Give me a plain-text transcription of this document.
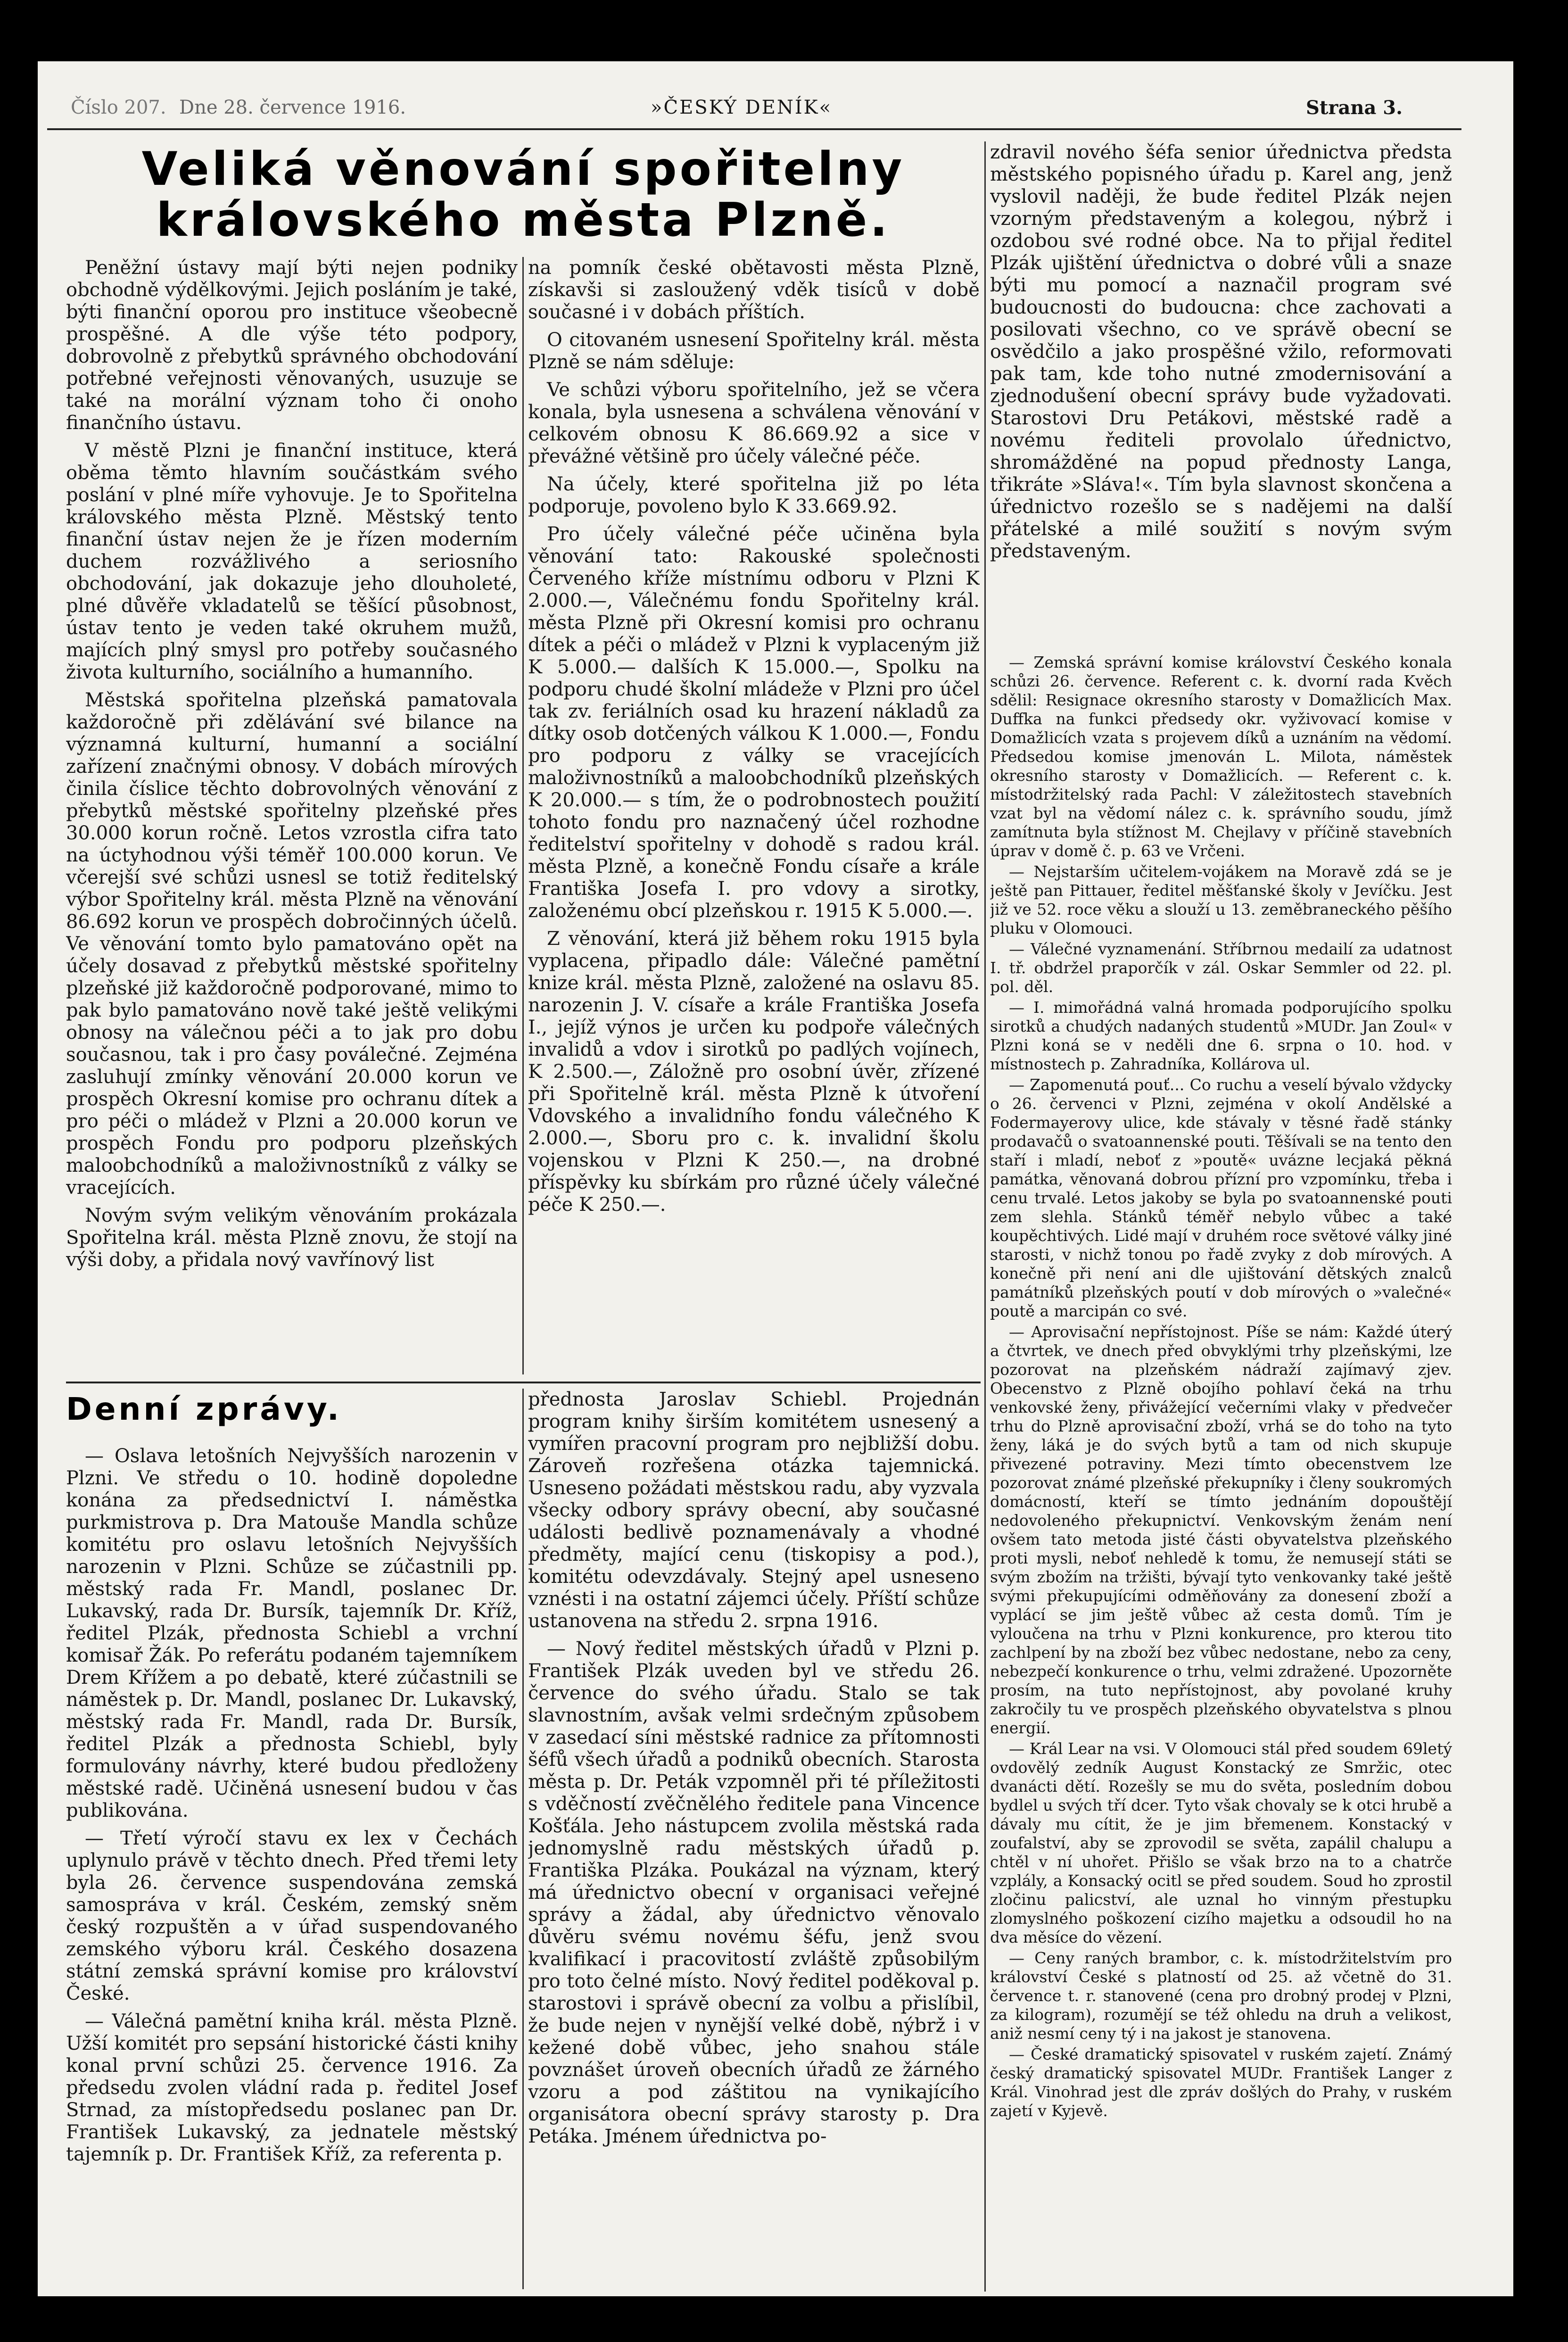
Číslo 207. Dne 28. července 1916.	»ČESKÝ DENÍK«	Strana 3.
Veliká věnování spořitelny královského města Plzně.

Peněžní ústavy mají býti nejen podniky obchodně výdělkovými. Jejich posláním je také, býti finanční oporou pro instituce všeobecně prospěšné. A dle výše této podpory, dobrovolně z přebytků správného obchodování potřebné veřejnosti věnovaných, usuzuje se také na morální význam toho či onoho finančního ústavu.

V městě Plzni je finanční instituce, která oběma těmto hlavním součástkám svého poslání v plné míře vyhovuje. Je to Spořitelna královského města Plzně. Městský tento finanční ústav nejen že je řízen moderním duchem rozvážlivého a seriosního obchodování, jak dokazuje jeho dlouholeté, plné důvěře vkladatelů se těšící působnost, ústav tento je veden také okruhem mužů, majících plný smysl pro potřeby současného života kulturního, sociálního a humanního.

Městská spořitelna plzeňská pamatovala každoročně při zdělávání své bilance na významná kulturní, humanní a sociální zařízení značnými obnosy. V dobách mírových činila číslice těchto dobrovolných věnování z přebytků městské spořitelny plzeňské přes 30.000 korun ročně. Letos vzrostla cifra tato na úctyhodnou výši téměř 100.000 korun. Ve včerejší své schůzi usnesl se totiž ředitelský výbor Spořitelny král. města Plzně na věnování 86.692 korun ve prospěch dobročinných účelů. Ve věnování tomto bylo pamatováno opět na účely dosavad z přebytků městské spořitelny plzeňské již každoročně podporované, mimo to pak bylo pamatováno nově také ještě velikými obnosy na válečnou péči a to jak pro dobu současnou, tak i pro časy poválečné. Zejména zasluhují zmínky věnování 20.000 korun ve prospěch Okresní komise pro ochranu dítek a pro péči o mládež v Plzni a 20.000 korun ve prospěch Fondu pro podporu plzeňských maloobchodníků a maloživnostníků z války se vracejících.

Novým svým velikým věnováním prokázala Spořitelna král. města Plzně znovu, že stojí na výši doby, a přidala nový vavřínový list

na pomník české obětavosti města Plzně, získavši si zasloužený vděk tisíců v době současné i v dobách příštích.

O citovaném usnesení Spořitelny král. města Plzně se nám sděluje:

Ve schůzi výboru spořitelního, jež se včera konala, byla usnesena a schválena věnování v celkovém obnosu K 86.669.92 a sice v převážné většině pro účely válečné péče.

Na účely, které spořitelna již po léta podporuje, povoleno bylo K 33.669.92.

Pro účely válečné péče učiněna byla věnování tato: Rakouské společnosti Červeného kříže místnímu odboru v Plzni K 2.000.—, Válečnému fondu Spořitelny král. města Plzně při Okresní komisi pro ochranu dítek a péči o mládež v Plzni k vyplaceným již K 5.000.— dalších K 15.000.—, Spolku na podporu chudé školní mládeže v Plzni pro účel tak zv. feriálních osad ku hrazení nákladů za dítky osob dotčených válkou K 1.000.—, Fondu pro podporu z války se vracejících maloživnostníků a maloobchodníků plzeňských K 20.000.— s tím, že o podrobnostech použití tohoto fondu pro naznačený účel rozhodne ředitelství spořitelny v dohodě s radou král. města Plzně, a konečně Fondu císaře a krále Františka Josefa I. pro vdovy a sirotky, založenému obcí plzeňskou r. 1915 K 5.000.—.

Z věnování, která již během roku 1915 byla vyplacena, připadlo dále: Válečné pamětní knize král. města Plzně, založené na oslavu 85. narozenin J. V. císaře a krále Františka Josefa I., jejíž výnos je určen ku podpoře válečných invalidů a vdov i sirotků po padlých vojínech, K 2.500.—, Záložně pro osobní úvěr, zřízené při Spořitelně král. města Plzně k útvoření Vdovského a invalidního fondu válečného K 2.000.—, Sboru pro c. k. invalidní školu vojenskou v Plzni K 250.—, na drobné příspěvky ku sbírkám pro různé účely válečné péče K 250.—.

zdravil nového šéfa senior úřednictva předsta městského popisného úřadu p. Karel ang, jenž vyslovil naději, že bude ředitel Plzák nejen vzorným představeným a kolegou, nýbrž i ozdobou své rodné obce. Na to přijal ředitel Plzák ujištění úřednictva o dobré vůli a snaze býti mu pomocí a naznačil program své budoucnosti do budoucna: chce zachovati a posilovati všechno, co ve správě obecní se osvědčilo a jako prospěšné vžilo, reformovati pak tam, kde toho nutné zmodernisování a zjednodušení obecní správy bude vyžadovati. Starostovi Dru Petákovi, městské radě a novému řediteli provolalo úřednictvo, shromážděné na popud přednosty Langa, třikráte »Sláva!«. Tím byla slavnost skončena a úřednictvo rozešlo se s nadějemi na další přátelské a milé soužití s novým svým představeným.

— Zemská správní komise království Českého konala schůzi 26. července. Referent c. k. dvorní rada Kvěch sdělil: Resignace okresního starosty v Domažlicích Max. Duffka na funkci předsedy okr. vyživovací komise v Domažlicích vzata s projevem díků a uznáním na vědomí. Předsedou komise jmenován L. Milota, náměstek okresního starosty v Domažlicích. — Referent c. k. místodržitelský rada Pachl: V záležitostech stavebních vzat byl na vědomí nález c. k. správního soudu, jímž zamítnuta byla stížnost M. Chejlavy v příčině stavebních úprav v domě č. p. 63 ve Vrčeni.

— Nejstarším učitelem-vojákem na Moravě zdá se je ještě pan Pittauer, ředitel měšťanské školy v Jevíčku. Jest již ve 52. roce věku a slouží u 13. zeměbraneckého pěšího pluku v Olomouci.

— Válečné vyznamenání. Stříbrnou medailí za udatnost I. tř. obdržel praporčík v zál. Oskar Semmler od 22. pl. pol. děl.

— I. mimořádná valná hromada podporujícího spolku sirotků a chudých nadaných studentů »MUDr. Jan Zoul« v Plzni koná se v neděli dne 6. srpna o 10. hod. v místnostech p. Zahradníka, Kollárova ul.

— Zapomenutá pouť... Co ruchu a veselí bývalo vždycky o 26. červenci v Plzni, zejména v okolí Andělské a Fodermayerovy ulice, kde stávaly v těsné řadě stánky prodavačů o svatoannenské pouti. Těšívali se na tento den staří i mladí, neboť z »poutě« uvázne lecjaká pěkná památka, věnovaná dobrou přízní pro vzpomínku, třeba i cenu trvalé. Letos jakoby se byla po svatoannenské pouti zem slehla. Stánků téměř nebylo vůbec a také koupěchtivých. Lidé mají v druhém roce světové války jiné starosti, v nichž tonou po řadě zvyky z dob mírových. A konečně při není ani dle ujištování dětských znalců památníků plzeňských poutí v dob mírových o »valečné« poutě a marcipán co své.

— Aprovisační nepřístojnost. Píše se nám: Každé úterý a čtvrtek, ve dnech před obvyklými trhy plzeňskými, lze pozorovat na plzeňském nádraží zajímavý zjev. Obecenstvo z Plzně obojího pohlaví čeká na trhu venkovské ženy, přivážející večerními vlaky v předvečer trhu do Plzně aprovisační zboží, vrhá se do toho na tyto ženy, láká je do svých bytů a tam od nich skupuje přivezené potraviny. Mezi tímto obecenstvem lze pozorovat známé plzeňské překupníky i členy soukromých domácností, kteří se tímto jednáním dopouštějí nedovoleného překupnictví. Venkovským ženám není ovšem tato metoda jisté části obyvatelstva plzeňského proti mysli, neboť nehledě k tomu, že nemusejí státi se svým zbožím na tržišti, bývají tyto venkovanky také ještě svými překupujícími odměňovány za donesení zboží a vyplácí se jim ještě vůbec až cesta domů. Tím je vyloučena na trhu v Plzni konkurence, pro kterou tito zachlpení by na zboží bez vůbec nedostane, nebo za ceny, nebezpečí konkurence o trhu, velmi zdražené. Upozorněte prosím, na tuto nepřístojnost, aby povolané kruhy zakročily tu ve prospěch plzeňského obyvatelstva s plnou energií.

— Král Lear na vsi. V Olomouci stál před soudem 69letý ovdovělý zedník August Konstacký ze Smržic, otec dvanácti dětí. Rozešly se mu do světa, posledním dobou bydlel u svých tří dcer. Tyto však chovaly se k otci hrubě a dávaly mu cítit, že je jim břemenem. Konstacký v zoufalství, aby se zprovodil se světa, zapálil chalupu a chtěl v ní uhořet. Přišlo se však brzo na to a chatrče vzplály, a Konsacký ocitl se před soudem. Soud ho zprostil zločinu palicství, ale uznal ho vinným přestupku zlomyslného poškození cizího majetku a odsoudil ho na dva měsíce do vězení.

— Ceny raných brambor, c. k. místodržitelstvím pro království České s platností od 25. až včetně do 31. července t. r. stanovené (cena pro drobný prodej v Plzni, za kilogram), rozumějí se též ohledu na druh a velikost, aniž nesmí ceny tý i na jakost je stanovena.

— České dramatický spisovatel v ruském zajetí. Známý český dramatický spisovatel MUDr. František Langer z Král. Vinohrad jest dle zpráv došlých do Prahy, v ruském zajetí v Kyjevě.

Denní zprávy.

— Oslava letošních Nejvyšších narozenin v Plzni. Ve středu o 10. hodině dopoledne konána za předsednictví I. náměstka purkmistrova p. Dra Matouše Mandla schůze komitétu pro oslavu letošních Nejvyšších narozenin v Plzni. Schůze se zúčastnili pp. městský rada Fr. Mandl, poslanec Dr. Lukavský, rada Dr. Bursík, tajemník Dr. Kříž, ředitel Plzák, přednosta Schiebl a vrchní komisař Žák. Po referátu podaném tajemníkem Drem Křížem a po debatě, které zúčastnili se náměstek p. Dr. Mandl, poslanec Dr. Lukavský, městský rada Fr. Mandl, rada Dr. Bursík, ředitel Plzák a přednosta Schiebl, byly formulovány návrhy, které budou předloženy městské radě. Učiněná usnesení budou v čas publikována.

— Třetí výročí stavu ex lex v Čechách uplynulo právě v těchto dnech. Před třemi lety byla 26. července suspendována zemská samospráva v král. Českém, zemský sněm český rozpuštěn a v úřad suspendovaného zemského výboru král. Českého dosazena státní zemská správní komise pro království České.

— Válečná pamětní kniha král. města Plzně. Užší komitét pro sepsání historické části knihy konal první schůzi 25. července 1916. Za předsedu zvolen vládní rada p. ředitel Josef Strnad, za místopředsedu poslanec pan Dr. František Lukavský, za jednatele městský tajemník p. Dr. František Kříž, za referenta p.

přednosta Jaroslav Schiebl. Projednán program knihy širším komitétem usnesený a vymířen pracovní program pro nejbližší dobu. Zároveň rozřešena otázka tajemnická. Usneseno požádati městskou radu, aby vyzvala všecky odbory správy obecní, aby současné události bedlivě poznamenávaly a vhodné předměty, mající cenu (tiskopisy a pod.), komitétu odevzdávaly. Stejný apel usneseno vznésti i na ostatní zájemci účely. Příští schůze ustanovena na středu 2. srpna 1916.

— Nový ředitel městských úřadů v Plzni p. František Plzák uveden byl ve středu 26. července do svého úřadu. Stalo se tak slavnostním, avšak velmi srdečným způsobem v zasedací síni městské radnice za přítomnosti šéfů všech úřadů a podniků obecních. Starosta města p. Dr. Peták vzpomněl při té příležitosti s vděčností zvěčnělého ředitele pana Vincence Košťála. Jeho nástupcem zvolila městská rada jednomyslně radu městských úřadů p. Františka Plzáka. Poukázal na význam, který má úřednictvo obecní v organisaci veřejné správy a žádal, aby úřednictvo věnovalo důvěru svému novému šéfu, jenž svou kvalifikací i pracovitostí zvláště způsobilým pro toto čelné místo. Nový ředitel poděkoval p. starostovi i správě obecní za volbu a přislíbil, že bude nejen v nynější velké době, nýbrž i v kežené době vůbec, jeho snahou stále povznášet úroveň obecních úřadů ze žárného vzoru a pod záštitou na vynikajícího organisátora obecní správy starosty p. Dra Petáka. Jménem úřednictva po-
